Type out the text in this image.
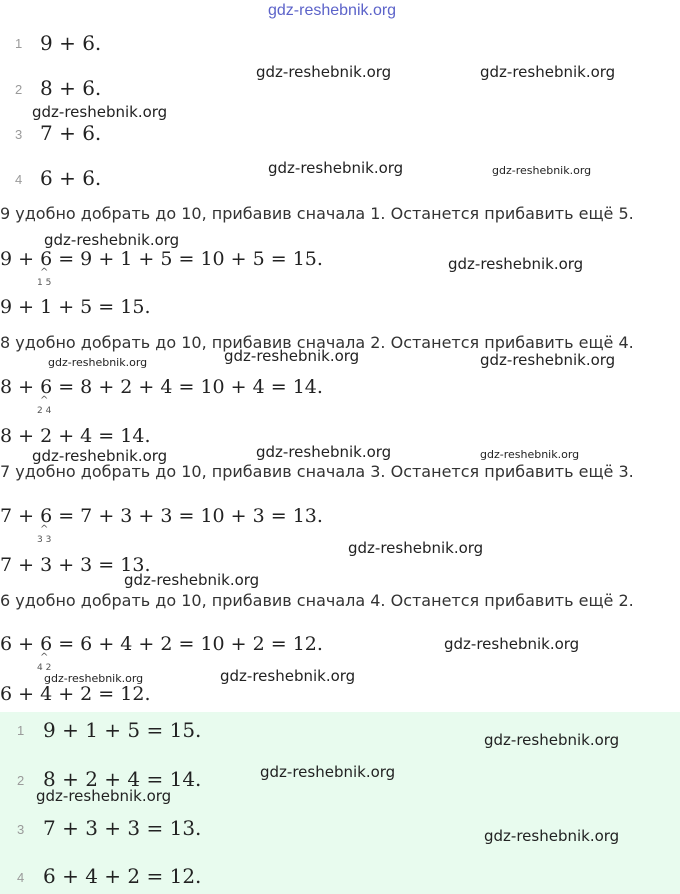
gdz-reshebnik.org
1 9 + 6.
2 8 + 6.
3 7 + 6.
4 6 + 6.
9 удобно добрать до 10, прибавив сначала 1. Останется прибавить ещё 5.
9 + 6 = 9 + 1 + 5 = 10 + 5 = 15.
^
1 5
9 + 1 + 5 = 15.
8 удобно добрать до 10, прибавив сначала 2. Останется прибавить ещё 4.
8 + 6 = 8 + 2 + 4 = 10 + 4 = 14.
^
2 4
8 + 2 + 4 = 14.
7 удобно добрать до 10, прибавив сначала 3. Останется прибавить ещё 3.
7 + 6 = 7 + 3 + 3 = 10 + 3 = 13.
^
3 3
7 + 3 + 3 = 13.
6 удобно добрать до 10, прибавив сначала 4. Останется прибавить ещё 2.
6 + 6 = 6 + 4 + 2 = 10 + 2 = 12.
^
4 2
6 + 4 + 2 = 12.
1 9 + 1 + 5 = 15.
2 8 + 2 + 4 = 14.
3 7 + 3 + 3 = 13.
4 6 + 4 + 2 = 12.
gdz-reshebnik.org	gdz-reshebnik.org
gdz-reshebnik.org
gdz-reshebnik.org	gdz-reshebnik.org
gdz-reshebnik.org
gdz-reshebnik.org
gdz-reshebnik.org	gdz-reshebnik.org	gdz-reshebnik.org
gdz-reshebnik.org
gdz-reshebnik.org	gdz-reshebnik.org
gdz-reshebnik.org
gdz-reshebnik.org
gdz-reshebnik.org
gdz-reshebnik.org	gdz-reshebnik.org
gdz-reshebnik.org
gdz-reshebnik.org
gdz-reshebnik.org
gdz-reshebnik.org
